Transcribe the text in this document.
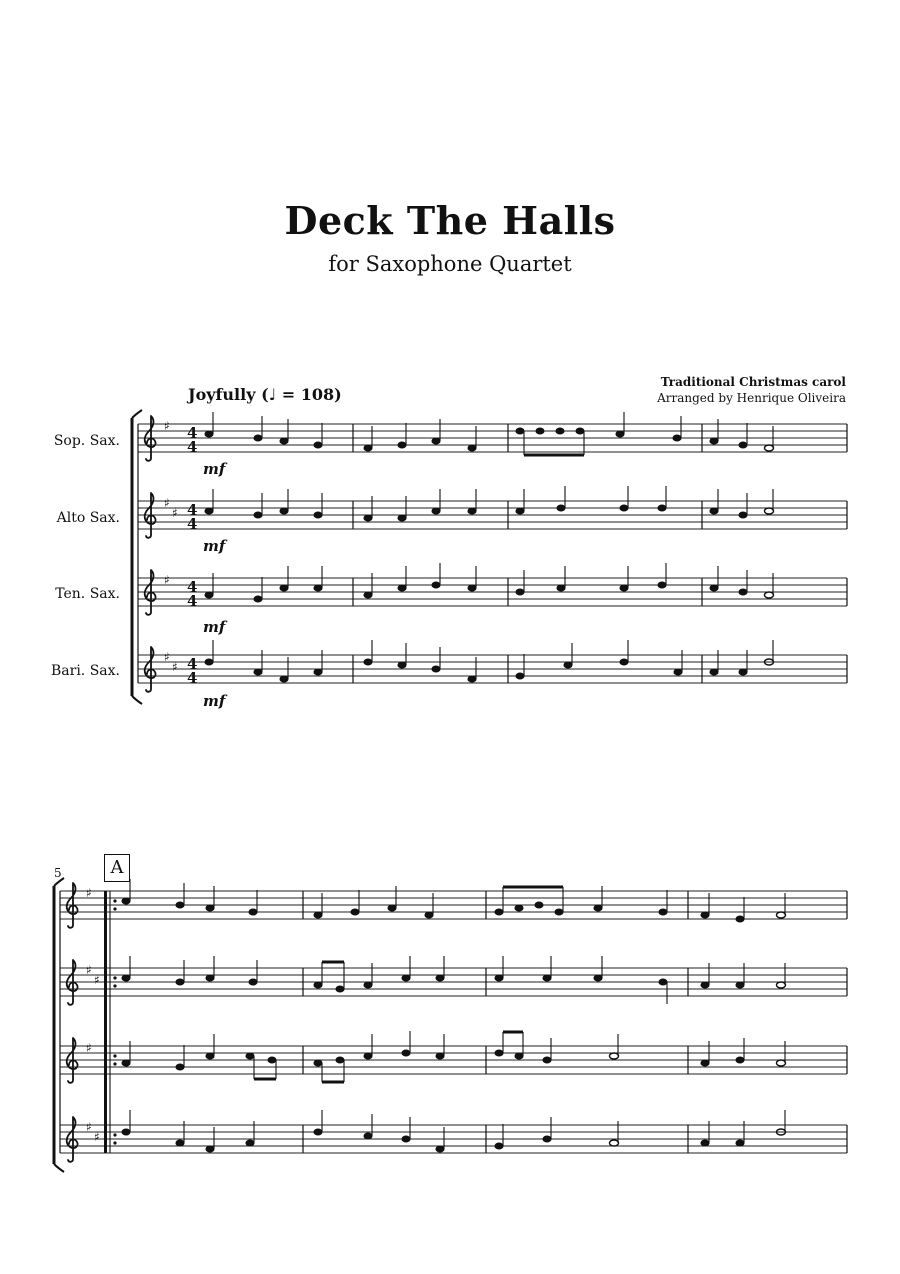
Deck The Halls
for Saxophone Quartet
Traditional Christmas carol
Arranged by Henrique Oliveira
Joyfully (♩ = 108)
Sop. Sax.
Alto Sax.
Ten. Sax.
Bari. Sax.
5	A
♯
♯
♯
♯
♯
♯
4
4
4
4
4
4
4
4
mf
mf
mf
mf
♯
♯
♯
♯
♯
♯
